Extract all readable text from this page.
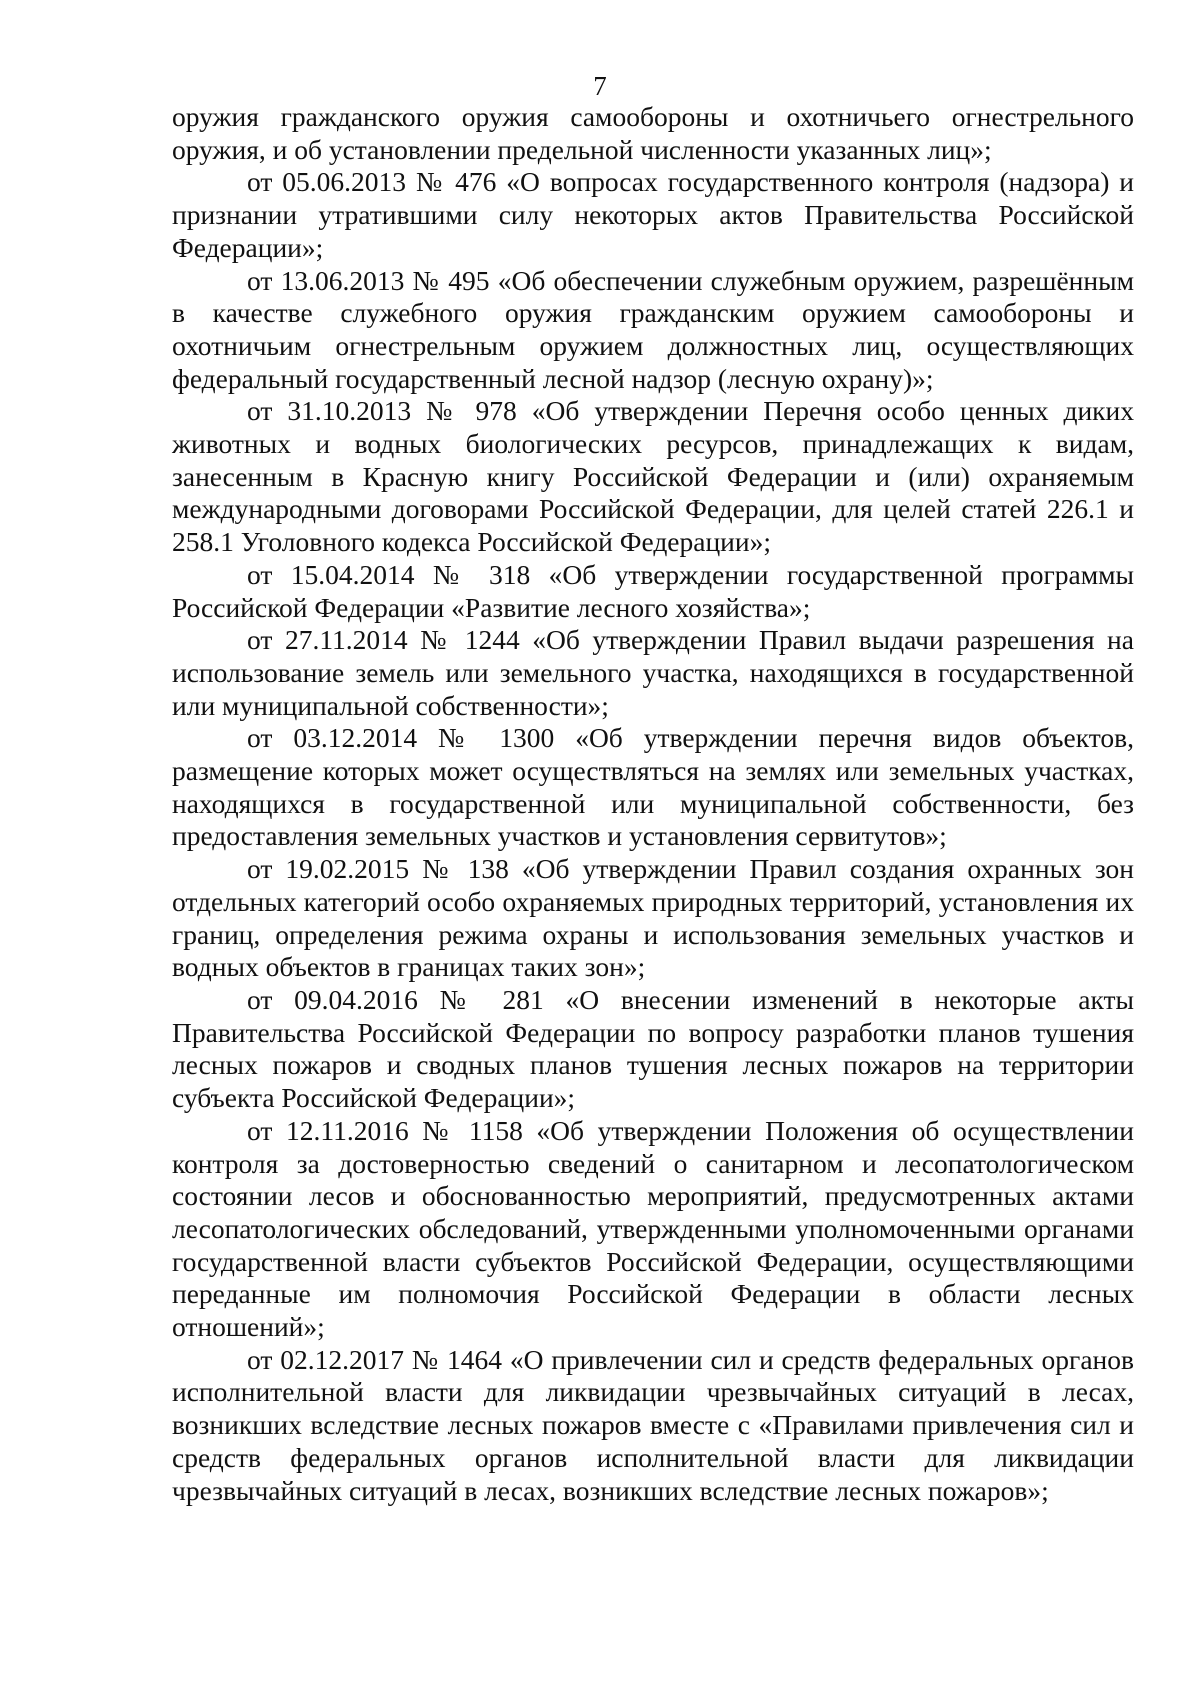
7

оружия гражданского оружия самообороны и охотничьего огнестрельного оружия, и об установлении предельной численности указанных лиц»;

от 05.06.2013 № 476 «О вопросах государственного контроля (надзора) и признании утратившими силу некоторых актов Правительства Российской Федерации»;

от 13.06.2013 № 495 «Об обеспечении служебным оружием, разрешённым в качестве служебного оружия гражданским оружием самообороны и охотничьим огнестрельным оружием должностных лиц, осуществляющих федеральный государственный лесной надзор (лесную охрану)»;

от 31.10.2013 № 978 «Об утверждении Перечня особо ценных диких животных и водных биологических ресурсов, принадлежащих к видам, занесенным в Красную книгу Российской Федерации и (или) охраняемым международными договорами Российской Федерации, для целей статей 226.1 и 258.1 Уголовного кодекса Российской Федерации»;

от 15.04.2014 № 318 «Об утверждении государственной программы Российской Федерации «Развитие лесного хозяйства»;

от 27.11.2014 № 1244 «Об утверждении Правил выдачи разрешения на использование земель или земельного участка, находящихся в государственной или муниципальной собственности»;

от 03.12.2014 № 1300 «Об утверждении перечня видов объектов, размещение которых может осуществляться на землях или земельных участках, находящихся в государственной или муниципальной собственности, без предоставления земельных участков и установления сервитутов»;

от 19.02.2015 № 138 «Об утверждении Правил создания охранных зон отдельных категорий особо охраняемых природных территорий, установления их границ, определения режима охраны и использования земельных участков и водных объектов в границах таких зон»;

от 09.04.2016 № 281 «О внесении изменений в некоторые акты Правительства Российской Федерации по вопросу разработки планов тушения лесных пожаров и сводных планов тушения лесных пожаров на территории субъекта Российской Федерации»;

от 12.11.2016 № 1158 «Об утверждении Положения об осуществлении контроля за достоверностью сведений о санитарном и лесопатологическом состоянии лесов и обоснованностью мероприятий, предусмотренных актами лесопатологических обследований, утвержденными уполномоченными органами государственной власти субъектов Российской Федерации, осуществляющими переданные им полномочия Российской Федерации в области лесных отношений»;

от 02.12.2017 № 1464 «О привлечении сил и средств федеральных органов исполнительной власти для ликвидации чрезвычайных ситуаций в лесах, возникших вследствие лесных пожаров вместе с «Правилами привлечения сил и средств федеральных органов исполнительной власти для ликвидации чрезвычайных ситуаций в лесах, возникших вследствие лесных пожаров»;
